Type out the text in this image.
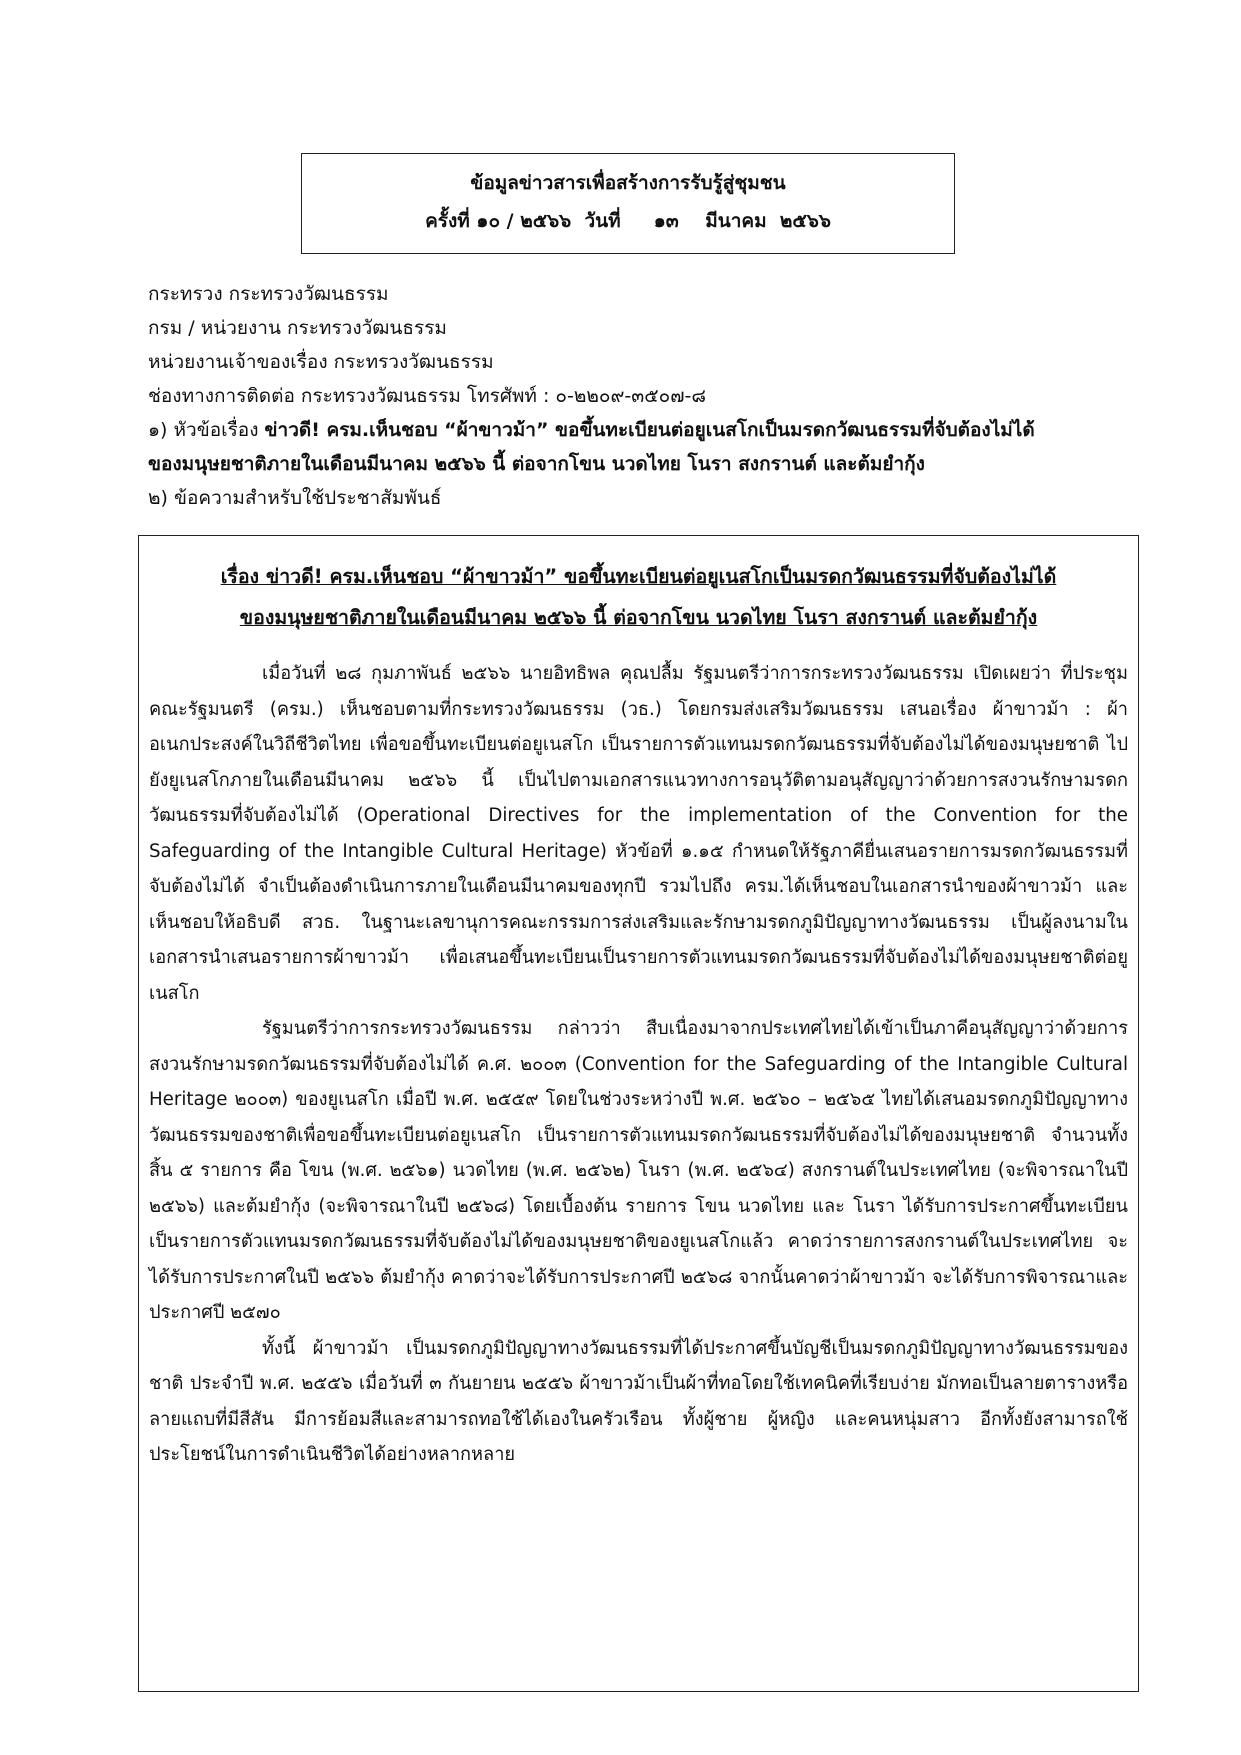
ข้อมูลข่าวสารเพื่อสร้างการรับรู้สู่ชุมชน
ครั้งที่ ๑๐ / ๒๕๖๖  วันที่     ๑๓    มีนาคม  ๒๕๖๖

กระทรวง กระทรวงวัฒนธรรม

กรม / หน่วยงาน กระทรวงวัฒนธรรม

หน่วยงานเจ้าของเรื่อง กระทรวงวัฒนธรรม

ช่องทางการติดต่อ กระทรวงวัฒนธรรม โทรศัพท์ : ๐-๒๒๐๙-๓๕๐๗-๘

๑) หัวข้อเรื่อง ข่าวดี! ครม.เห็นชอบ “ผ้าขาวม้า” ขอขึ้นทะเบียนต่อยูเนสโกเป็นมรดกวัฒนธรรมที่จับต้องไม่ได้

ของมนุษยชาติภายในเดือนมีนาคม ๒๕๖๖ นี้ ต่อจากโขน นวดไทย โนรา สงกรานต์ และต้มยำกุ้ง

๒) ข้อความสำหรับใช้ประชาสัมพันธ์

เรื่อง ข่าวดี! ครม.เห็นชอบ “ผ้าขาวม้า” ขอขึ้นทะเบียนต่อยูเนสโกเป็นมรดกวัฒนธรรมที่จับต้องไม่ได้
ของมนุษยชาติภายในเดือนมีนาคม ๒๕๖๖ นี้ ต่อจากโขน นวดไทย โนรา สงกรานต์ และต้มยำกุ้ง

เมื่อวันที่ ๒๘ กุมภาพันธ์ ๒๕๖๖ นายอิทธิพล คุณปลื้ม รัฐมนตรีว่าการกระทรวงวัฒนธรรม เปิดเผยว่า ที่ประชุมคณะรัฐมนตรี (ครม.) เห็นชอบตามที่กระทรวงวัฒนธรรม (วธ.) โดยกรมส่งเสริมวัฒนธรรม เสนอเรื่อง ผ้าขาวม้า : ผ้าอเนกประสงค์ในวิถีชีวิตไทย เพื่อขอขึ้นทะเบียนต่อยูเนสโก เป็นรายการตัวแทนมรดกวัฒนธรรมที่จับต้องไม่ได้ของมนุษยชาติ ไปยังยูเนสโกภายในเดือนมีนาคม ๒๕๖๖ นี้ เป็นไปตามเอกสารแนวทางการอนุวัติตามอนุสัญญาว่าด้วยการสงวนรักษามรดกวัฒนธรรมที่จับต้องไม่ได้ (Operational Directives for the implementation of the Convention for the Safeguarding of the Intangible Cultural Heritage) หัวข้อที่ ๑.๑๕ กำหนดให้รัฐภาคียื่นเสนอรายการมรดกวัฒนธรรมที่จับต้องไม่ได้ จำเป็นต้องดำเนินการภายในเดือนมีนาคมของทุกปี รวมไปถึง ครม.ได้เห็นชอบในเอกสารนำของผ้าขาวม้า และเห็นชอบให้อธิบดี สวธ. ในฐานะเลขานุการคณะกรรมการส่งเสริมและรักษามรดกภูมิปัญญาทางวัฒนธรรม เป็นผู้ลงนามในเอกสารนำเสนอรายการผ้าขาวม้า เพื่อเสนอขึ้นทะเบียนเป็นรายการตัวแทนมรดกวัฒนธรรมที่จับต้องไม่ได้ของมนุษยชาติต่อยูเนสโก

รัฐมนตรีว่าการกระทรวงวัฒนธรรม กล่าวว่า สืบเนื่องมาจากประเทศไทยได้เข้าเป็นภาคีอนุสัญญาว่าด้วยการสงวนรักษามรดกวัฒนธรรมที่จับต้องไม่ได้ ค.ศ. ๒๐๐๓ (Convention for the Safeguarding of the Intangible Cultural Heritage ๒๐๐๓) ของยูเนสโก เมื่อปี พ.ศ. ๒๕๕๙ โดยในช่วงระหว่างปี พ.ศ. ๒๕๖๐ – ๒๕๖๕ ไทยได้เสนอมรดกภูมิปัญญาทางวัฒนธรรมของชาติเพื่อขอขึ้นทะเบียนต่อยูเนสโก เป็นรายการตัวแทนมรดกวัฒนธรรมที่จับต้องไม่ได้ของมนุษยชาติ จำนวนทั้งสิ้น ๕ รายการ คือ โขน (พ.ศ. ๒๕๖๑) นวดไทย (พ.ศ. ๒๕๖๒) โนรา (พ.ศ. ๒๕๖๔) สงกรานต์ในประเทศไทย (จะพิจารณาในปี ๒๕๖๖) และต้มยำกุ้ง (จะพิจารณาในปี ๒๕๖๘) โดยเบื้องต้น รายการ โขน นวดไทย และ โนรา ได้รับการประกาศขึ้นทะเบียนเป็นรายการตัวแทนมรดกวัฒนธรรมที่จับต้องไม่ได้ของมนุษยชาติของยูเนสโกแล้ว คาดว่ารายการสงกรานต์ในประเทศไทย จะได้รับการประกาศในปี ๒๕๖๖ ต้มยำกุ้ง คาดว่าจะได้รับการประกาศปี ๒๕๖๘ จากนั้นคาดว่าผ้าขาวม้า จะได้รับการพิจารณาและประกาศปี ๒๕๗๐

ทั้งนี้ ผ้าขาวม้า เป็นมรดกภูมิปัญญาทางวัฒนธรรมที่ได้ประกาศขึ้นบัญชีเป็นมรดกภูมิปัญญาทางวัฒนธรรมของชาติ ประจำปี พ.ศ. ๒๕๕๖ เมื่อวันที่ ๓ กันยายน ๒๕๕๖ ผ้าขาวม้าเป็นผ้าที่ทอโดยใช้เทคนิคที่เรียบง่าย มักทอเป็นลายตารางหรือลายแถบที่มีสีสัน มีการย้อมสีและสามารถทอใช้ได้เองในครัวเรือน ทั้งผู้ชาย ผู้หญิง และคนหนุ่มสาว อีกทั้งยังสามารถใช้ประโยชน์ในการดำเนินชีวิตได้อย่างหลากหลาย
